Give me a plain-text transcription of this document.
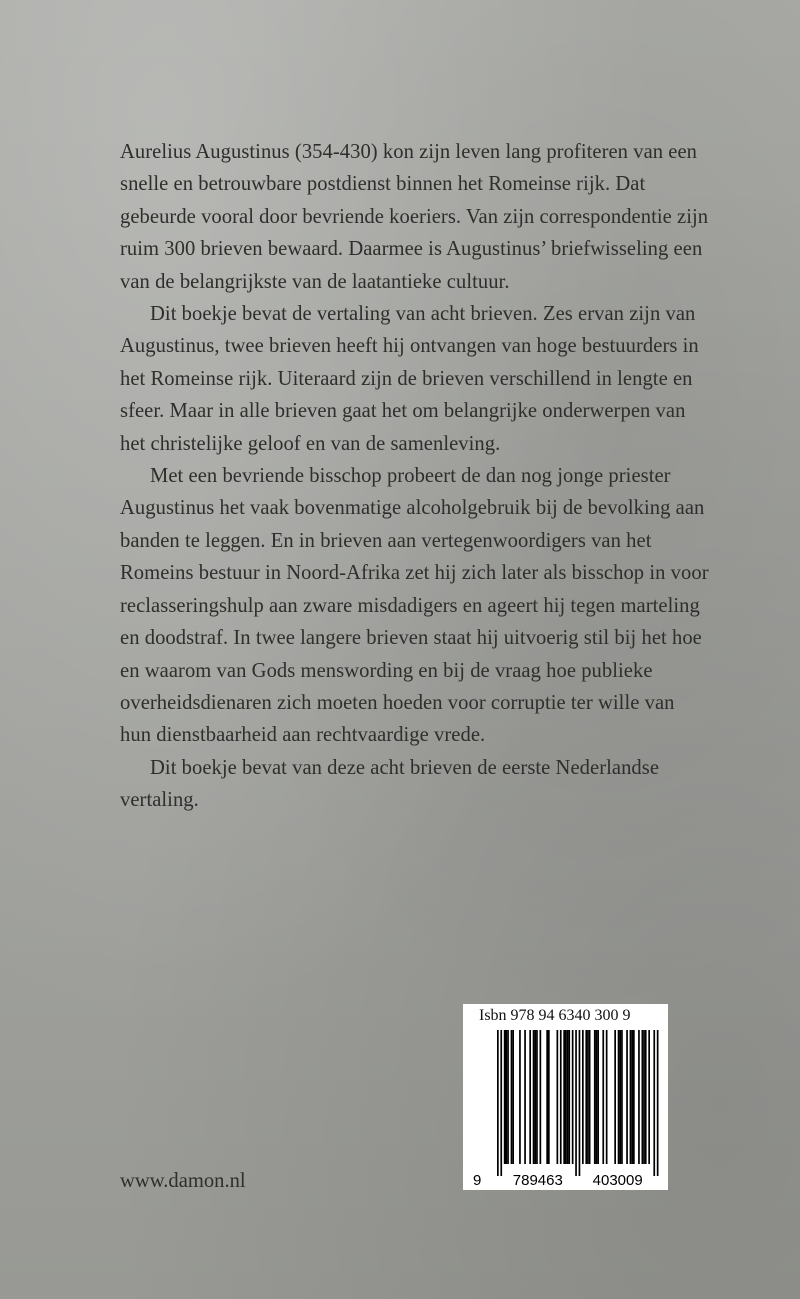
Aurelius Augustinus (354-430) kon zijn leven lang profiteren van een snelle en betrouwbare postdienst binnen het Romeinse rijk. Dat gebeurde vooral door bevriende koeriers. Van zijn correspondentie zijn ruim 300 brieven bewaard. Daarmee is Augustinus’ briefwisseling een van de belangrijkste van de laatantieke cultuur.

Dit boekje bevat de vertaling van acht brieven. Zes ervan zijn van Augustinus, twee brieven heeft hij ontvangen van hoge bestuurders in het Romeinse rijk. Uiteraard zijn de brieven verschillend in lengte en sfeer. Maar in alle brieven gaat het om belangrijke onderwerpen van het christelijke geloof en van de samenleving.

Met een bevriende bisschop probeert de dan nog jonge priester Augustinus het vaak bovenmatige alcoholgebruik bij de bevolking aan banden te leggen. En in brieven aan vertegenwoordigers van het Romeins bestuur in Noord-Afrika zet hij zich later als bisschop in voor reclasseringshulp aan zware misdadigers en ageert hij tegen marteling en doodstraf. In twee langere brieven staat hij uitvoerig stil bij het hoe en waarom van Gods menswording en bij de vraag hoe publieke overheidsdienaren zich moeten hoeden voor corruptie ter wille van hun dienstbaarheid aan rechtvaardige vrede.

Dit boekje bevat van deze acht brieven de eerste Nederlandse vertaling.

www.damon.nl	9 789463 403009
Isbn 978 94 6340 300 9
